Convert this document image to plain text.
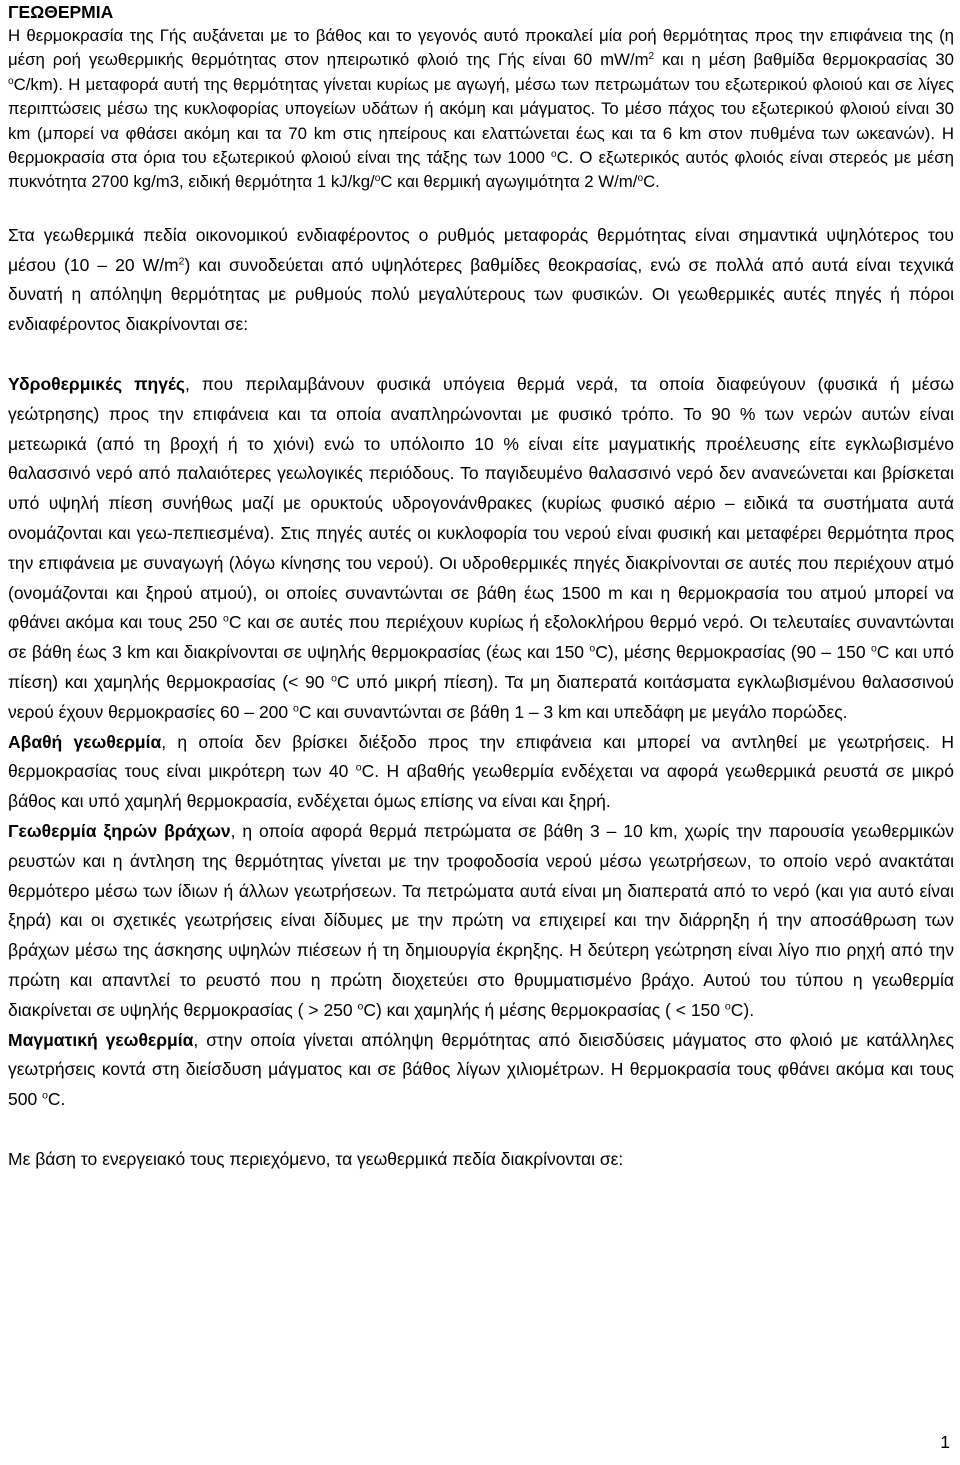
ΓΕΩΘΕΡΜΙΑ

Η θερμοκρασία της Γής αυξάνεται με το βάθος και το γεγονός αυτό προκαλεί μία ροή θερμότητας προς την επιφάνεια της (η μέση ροή γεωθερμικής θερμότητας στον ηπειρωτικό φλοιό της Γής είναι 60 $mW/m^2$ και η μέση βαθμίδα θερμοκρασίας 30 $^o$C/km). Η μεταφορά αυτή της θερμότητας γίνεται κυρίως με αγωγή, μέσω των πετρωμάτων του εξωτερικού φλοιού και σε λίγες περιπτώσεις μέσω της κυκλοφορίας υπογείων υδάτων ή ακόμη και μάγματος. Το μέσο πάχος του εξωτερικού φλοιού είναι 30 km (μπορεί να φθάσει ακόμη και τα 70 km στις ηπείρους και ελαττώνεται έως και τα 6 km στον πυθμένα των ωκεανών). Η θερμοκρασία στα όρια του εξωτερικού φλοιού είναι της τάξης των 1000 $^o$C. Ο εξωτερικός αυτός φλοιός είναι στερεός με μέση πυκνότητα 2700 kg/m3, ειδική θερμότητα 1 kJ/kg/$^o$C και θερμική αγωγιμότητα 2 W/m/$^o$C.

Στα γεωθερμικά πεδία οικονομικού ενδιαφέροντος ο ρυθμός μεταφοράς θερμότητας είναι σημαντικά υψηλότερος του μέσου (10 – 20 $W/m^2$) και συνοδεύεται από υψηλότερες βαθμίδες θεοκρασίας, ενώ σε πολλά από αυτά είναι τεχνικά δυνατή η απόληψη θερμότητας με ρυθμούς πολύ μεγαλύτερους των φυσικών. Οι γεωθερμικές αυτές πηγές ή πόροι ενδιαφέροντος διακρίνονται σε:

Υδροθερμικές πηγές, που περιλαμβάνουν φυσικά υπόγεια θερμά νερά, τα οποία διαφεύγουν (φυσικά ή μέσω γεώτρησης) προς την επιφάνεια και τα οποία αναπληρώνονται με φυσικό τρόπο. Το 90 % των νερών αυτών είναι μετεωρικά (από τη βροχή ή το χιόνι) ενώ το υπόλοιπο 10 % είναι είτε μαγματικής προέλευσης είτε εγκλωβισμένο θαλασσινό νερό από παλαιότερες γεωλογικές περιόδους. Το παγιδευμένο θαλασσινό νερό δεν ανανεώνεται και βρίσκεται υπό υψηλή πίεση συνήθως μαζί με ορυκτούς υδρογονάνθρακες (κυρίως φυσικό αέριο – ειδικά τα συστήματα αυτά ονομάζονται και γεω-πεπιεσμένα). Στις πηγές αυτές οι κυκλοφορία του νερού είναι φυσική και μεταφέρει θερμότητα προς την επιφάνεια με συναγωγή (λόγω κίνησης του νερού). Οι υδροθερμικές πηγές διακρίνονται σε αυτές που περιέχουν ατμό (ονομάζονται και ξηρού ατμού), οι οποίες συναντώνται σε βάθη έως 1500 m και η θερμοκρασία του ατμού μπορεί να φθάνει ακόμα και τους 250 $^o$C και σε αυτές που περιέχουν κυρίως ή εξολοκλήρου θερμό νερό. Οι τελευταίες συναντώνται σε βάθη έως 3 km και διακρίνονται σε υψηλής θερμοκρασίας (έως και 150 $^o$C), μέσης θερμοκρασίας (90 – 150 $^o$C και υπό πίεση) και χαμηλής θερμοκρασίας (< 90 $^o$C υπό μικρή πίεση). Τα μη διαπερατά κοιτάσματα εγκλωβισμένου θαλασσινού νερού έχουν θερμοκρασίες 60 – 200 $^o$C και συναντώνται σε βάθη 1 – 3 km και υπεδάφη με μεγάλο πορώδες.

Αβαθή γεωθερμία, η οποία δεν βρίσκει διέξοδο προς την επιφάνεια και μπορεί να αντληθεί με γεωτρήσεις. Η θερμοκρασίας τους είναι μικρότερη των 40 $^o$C. Η αβαθής γεωθερμία ενδέχεται να αφορά γεωθερμικά ρευστά σε μικρό βάθος και υπό χαμηλή θερμοκρασία, ενδέχεται όμως επίσης να είναι και ξηρή.

Γεωθερμία ξηρών βράχων, η οποία αφορά θερμά πετρώματα σε βάθη 3 – 10 km, χωρίς την παρουσία γεωθερμικών ρευστών και η άντληση της θερμότητας γίνεται με την τροφοδοσία νερού μέσω γεωτρήσεων, το οποίο νερό ανακτάται θερμότερο μέσω των ίδιων ή άλλων γεωτρήσεων. Τα πετρώματα αυτά είναι μη διαπερατά από το νερό (και για αυτό είναι ξηρά) και οι σχετικές γεωτρήσεις είναι δίδυμες με την πρώτη να επιχειρεί και την διάρρηξη ή την αποσάθρωση των βράχων μέσω της άσκησης υψηλών πιέσεων ή τη δημιουργία έκρηξης. Η δεύτερη γεώτρηση είναι λίγο πιο ρηχή από την πρώτη και απαντλεί το ρευστό που η πρώτη διοχετεύει στο θρυμματισμένο βράχο. Αυτού του τύπου η γεωθερμία διακρίνεται σε υψηλής θερμοκρασίας ( > 250 $^o$C) και χαμηλής ή μέσης θερμοκρασίας ( < 150 $^o$C).

Μαγματική γεωθερμία, στην οποία γίνεται απόληψη θερμότητας από διεισδύσεις μάγματος στο φλοιό με κατάλληλες γεωτρήσεις κοντά στη διείσδυση μάγματος και σε βάθος λίγων χιλιομέτρων. Η θερμοκρασία τους φθάνει ακόμα και τους 500 $^o$C.

Με βάση το ενεργειακό τους περιεχόμενο, τα γεωθερμικά πεδία διακρίνονται σε:

1
